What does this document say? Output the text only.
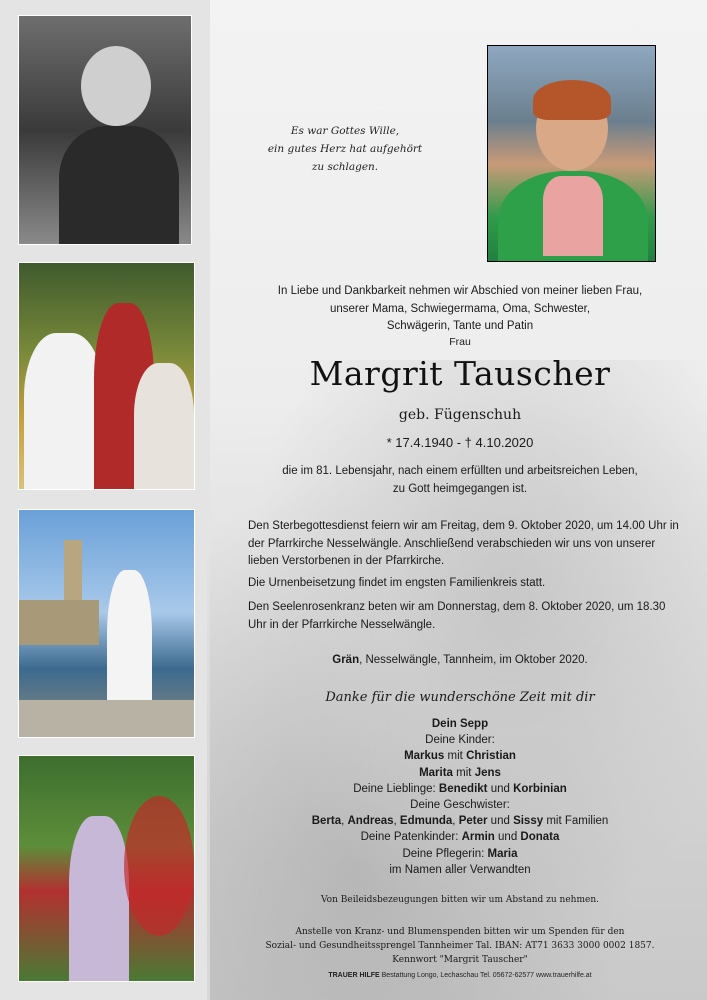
Es war Gottes Wille,
ein gutes Herz hat aufgehört
zu schlagen.
In Liebe und Dankbarkeit nehmen wir Abschied von meiner lieben Frau,
unserer Mama, Schwiegermama, Oma, Schwester,
Schwägerin, Tante und Patin
Frau
Margrit Tauscher
geb. Fügenschuh
* 17.4.1940 - † 4.10.2020
die im 81. Lebensjahr, nach einem erfüllten und arbeitsreichen Leben,
zu Gott heimgegangen ist.
Den Sterbegottesdienst feiern wir am Freitag, dem 9. Oktober 2020, um 14.00 Uhr in der Pfarrkirche Nesselwängle. Anschließend verabschieden wir uns von unserer lieben Verstorbenen in der Pfarrkirche.
Die Urnenbeisetzung findet im engsten Familienkreis statt.
Den Seelenrosenkranz beten wir am Donnerstag, dem 8. Oktober 2020, um 18.30 Uhr in der Pfarrkirche Nesselwängle.
Grän, Nesselwängle, Tannheim, im Oktober 2020.
Danke für die wunderschöne Zeit mit dir
Dein Sepp
Deine Kinder:
Markus mit Christian
Marita mit Jens
Deine Lieblinge: Benedikt und Korbinian
Deine Geschwister:
Berta, Andreas, Edmunda, Peter und Sissy mit Familien
Deine Patenkinder: Armin und Donata
Deine Pflegerin: Maria
im Namen aller Verwandten
Von Beileidsbezeugungen bitten wir um Abstand zu nehmen.
Anstelle von Kranz- und Blumenspenden bitten wir um Spenden für den
Sozial- und Gesundheitssprengel Tannheimer Tal. IBAN: AT71 3633 3000 0002 1857.
Kennwort "Margrit Tauscher"
TRAUER HILFE Bestattung Longo, Lechaschau Tel. 05672-62577 www.trauerhilfe.at
